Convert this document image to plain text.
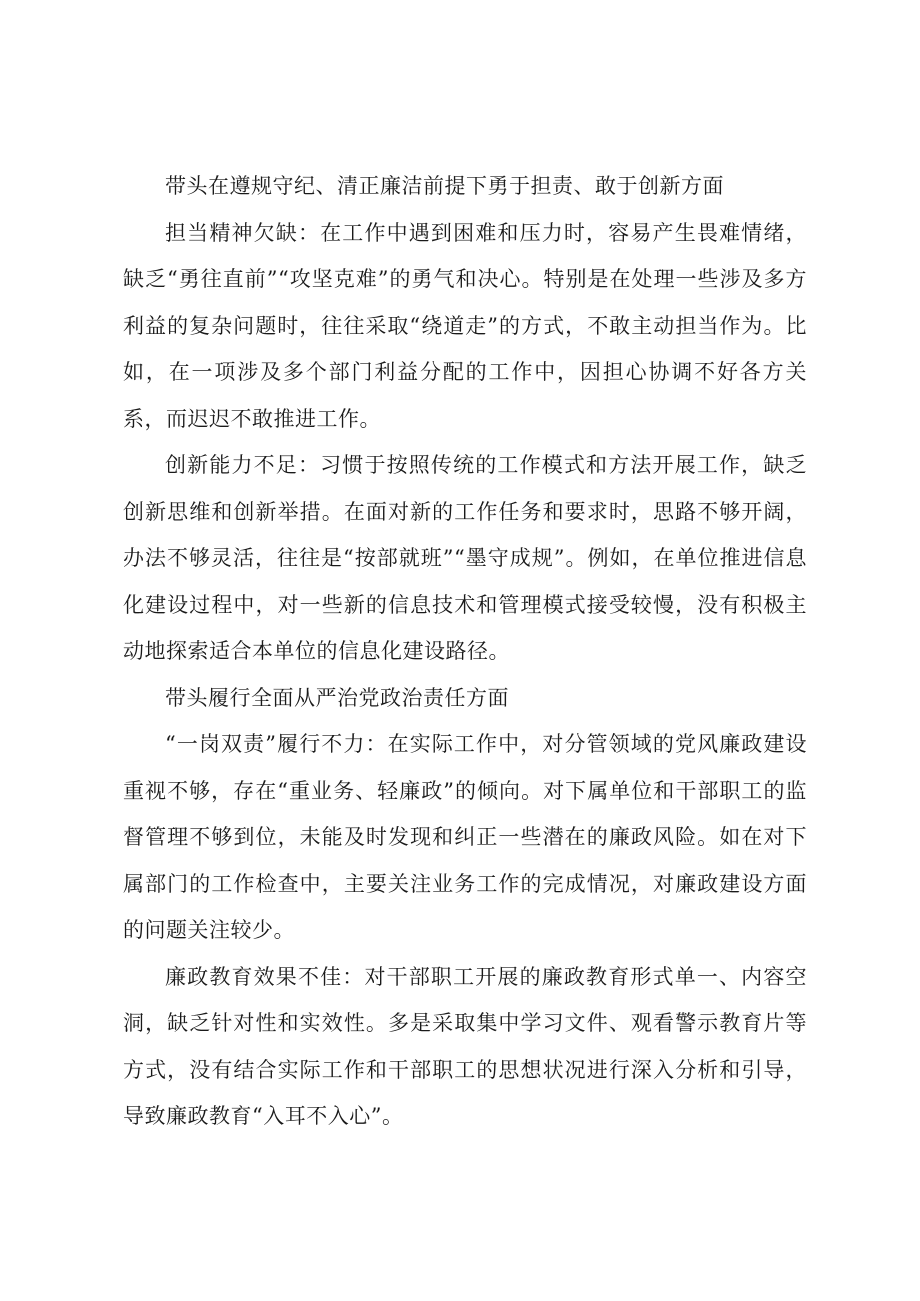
带头在遵规守纪、清正廉洁前提下勇于担责、敢于创新方面

担当精神欠缺：在工作中遇到困难和压力时，容易产生畏难情绪，缺乏“勇往直前”“攻坚克难”的勇气和决心。特别是在处理一些涉及多方利益的复杂问题时，往往采取“绕道走”的方式，不敢主动担当作为。比如，在一项涉及多个部门利益分配的工作中，因担心协调不好各方关系，而迟迟不敢推进工作。

创新能力不足：习惯于按照传统的工作模式和方法开展工作，缺乏创新思维和创新举措。在面对新的工作任务和要求时，思路不够开阔，办法不够灵活，往往是“按部就班”“墨守成规”。例如，在单位推进信息化建设过程中，对一些新的信息技术和管理模式接受较慢，没有积极主动地探索适合本单位的信息化建设路径。

带头履行全面从严治党政治责任方面

“一岗双责”履行不力：在实际工作中，对分管领域的党风廉政建设重视不够，存在“重业务、轻廉政”的倾向。对下属单位和干部职工的监督管理不够到位，未能及时发现和纠正一些潜在的廉政风险。如在对下属部门的工作检查中，主要关注业务工作的完成情况，对廉政建设方面的问题关注较少。

廉政教育效果不佳：对干部职工开展的廉政教育形式单一、内容空洞，缺乏针对性和实效性。多是采取集中学习文件、观看警示教育片等方式，没有结合实际工作和干部职工的思想状况进行深入分析和引导，导致廉政教育“入耳不入心”。
